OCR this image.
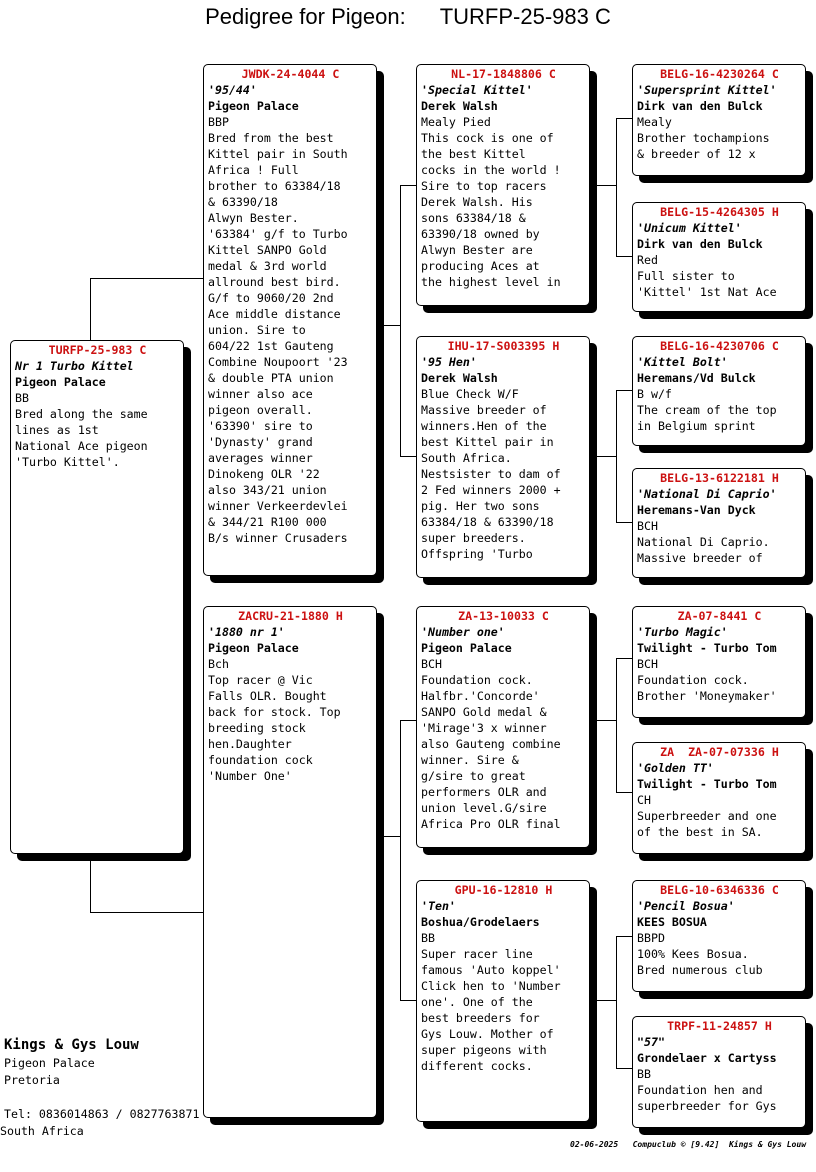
Pedigree for Pigeon: TURFP-25-983 C
TURFP-25-983 C
Nr 1 Turbo Kittel
Pigeon Palace
BB
Bred along the same
lines as 1st
National Ace pigeon
'Turbo Kittel'.
JWDK-24-4044 C
'95/44'
Pigeon Palace
BBP
Bred from the best
Kittel pair in South
Africa ! Full
brother to 63384/18
& 63390/18
Alwyn Bester.
'63384' g/f to Turbo
Kittel SANPO Gold
medal & 3rd world
allround best bird.
G/f to 9060/20 2nd
Ace middle distance
union. Sire to
604/22 1st Gauteng
Combine Noupoort '23
& double PTA union
winner also ace
pigeon overall.
'63390' sire to
'Dynasty' grand
averages winner
Dinokeng OLR '22
also 343/21 union
winner Verkeerdevlei
& 344/21 R100 000
B/s winner Crusaders
ZACRU-21-1880 H
'1880 nr 1'
Pigeon Palace
Bch
Top racer @ Vic
Falls OLR. Bought
back for stock. Top
breeding stock
hen.Daughter
foundation cock
'Number One'
NL-17-1848806 C
'Special Kittel'
Derek Walsh
Mealy Pied
This cock is one of
the best Kittel
cocks in the world !
Sire to top racers
Derek Walsh. His
sons 63384/18 &
63390/18 owned by
Alwyn Bester are
producing Aces at
the highest level in
IHU-17-S003395 H
'95 Hen'
Derek Walsh
Blue Check W/F
Massive breeder of
winners.Hen of the
best Kittel pair in
South Africa.
Nestsister to dam of
2 Fed winners 2000 +
pig. Her two sons
63384/18 & 63390/18
super breeders.
Offspring 'Turbo
ZA-13-10033 C
'Number one'
Pigeon Palace
BCH
Foundation cock.
Halfbr.'Concorde'
SANPO Gold medal &
'Mirage'3 x winner
also Gauteng combine
winner. Sire &
g/sire to great
performers OLR and
union level.G/sire
Africa Pro OLR final
GPU-16-12810 H
'Ten'
Boshua/Grodelaers
BB
Super racer line
famous 'Auto koppel'
Click hen to 'Number
one'. One of the
best breeders for
Gys Louw. Mother of
super pigeons with
different cocks.
BELG-16-4230264 C
'Supersprint Kittel'
Dirk van den Bulck
Mealy
Brother tochampions
& breeder of 12 x
BELG-15-4264305 H
'Unicum Kittel'
Dirk van den Bulck
Red
Full sister to
'Kittel' 1st Nat Ace
BELG-16-4230706 C
'Kittel Bolt'
Heremans/Vd Bulck
B w/f
The cream of the top
in Belgium sprint
BELG-13-6122181 H
'National Di Caprio'
Heremans-Van Dyck
BCH
National Di Caprio.
Massive breeder of
ZA-07-8441 C
'Turbo Magic'
Twilight - Turbo Tom
BCH
Foundation cock.
Brother 'Moneymaker'
ZA  ZA-07-07336 H
'Golden TT'
Twilight - Turbo Tom
CH
Superbreeder and one
of the best in SA.
BELG-10-6346336 C
'Pencil Bosua'
KEES BOSUA
BBPD
100% Kees Bosua.
Bred numerous club
TRPF-11-24857 H
"57"
Grondelaer x Cartyss
BB
Foundation hen and
superbreeder for Gys
Kings & Gys Louw
Pigeon Palace
Pretoria
Tel: 0836014863 / 0827763871
South Africa
02-06-2025   Compuclub © [9.42]  Kings & Gys Louw
